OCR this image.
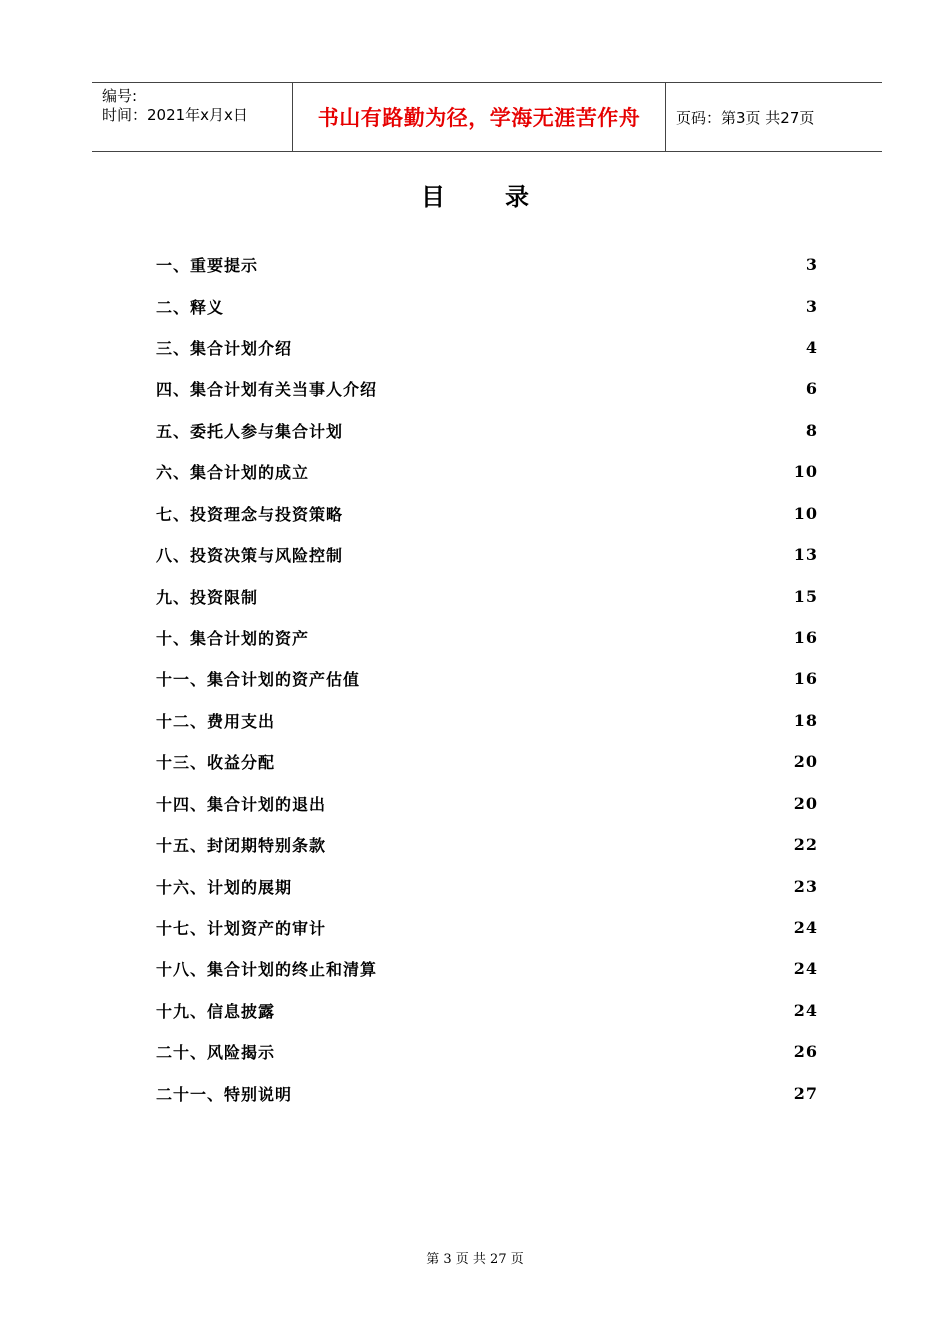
编号:
时间：2021年x月x日	书山有路勤为径，学海无涯苦作舟	页码：第3页 共27页
目录
一、重要提示	3
二、释义	3
三、集合计划介绍	4
四、集合计划有关当事人介绍	6
五、委托人参与集合计划	8
六、集合计划的成立	10
七、投资理念与投资策略	10
八、投资决策与风险控制	13
九、投资限制	15
十、集合计划的资产	16
十一、集合计划的资产估值	16
十二、费用支出	18
十三、收益分配	20
十四、集合计划的退出	20
十五、封闭期特别条款	22
十六、计划的展期	23
十七、计划资产的审计	24
十八、集合计划的终止和清算	24
十九、信息披露	24
二十、风险揭示	26
二十一、特别说明	27
第 3 页 共 27 页
